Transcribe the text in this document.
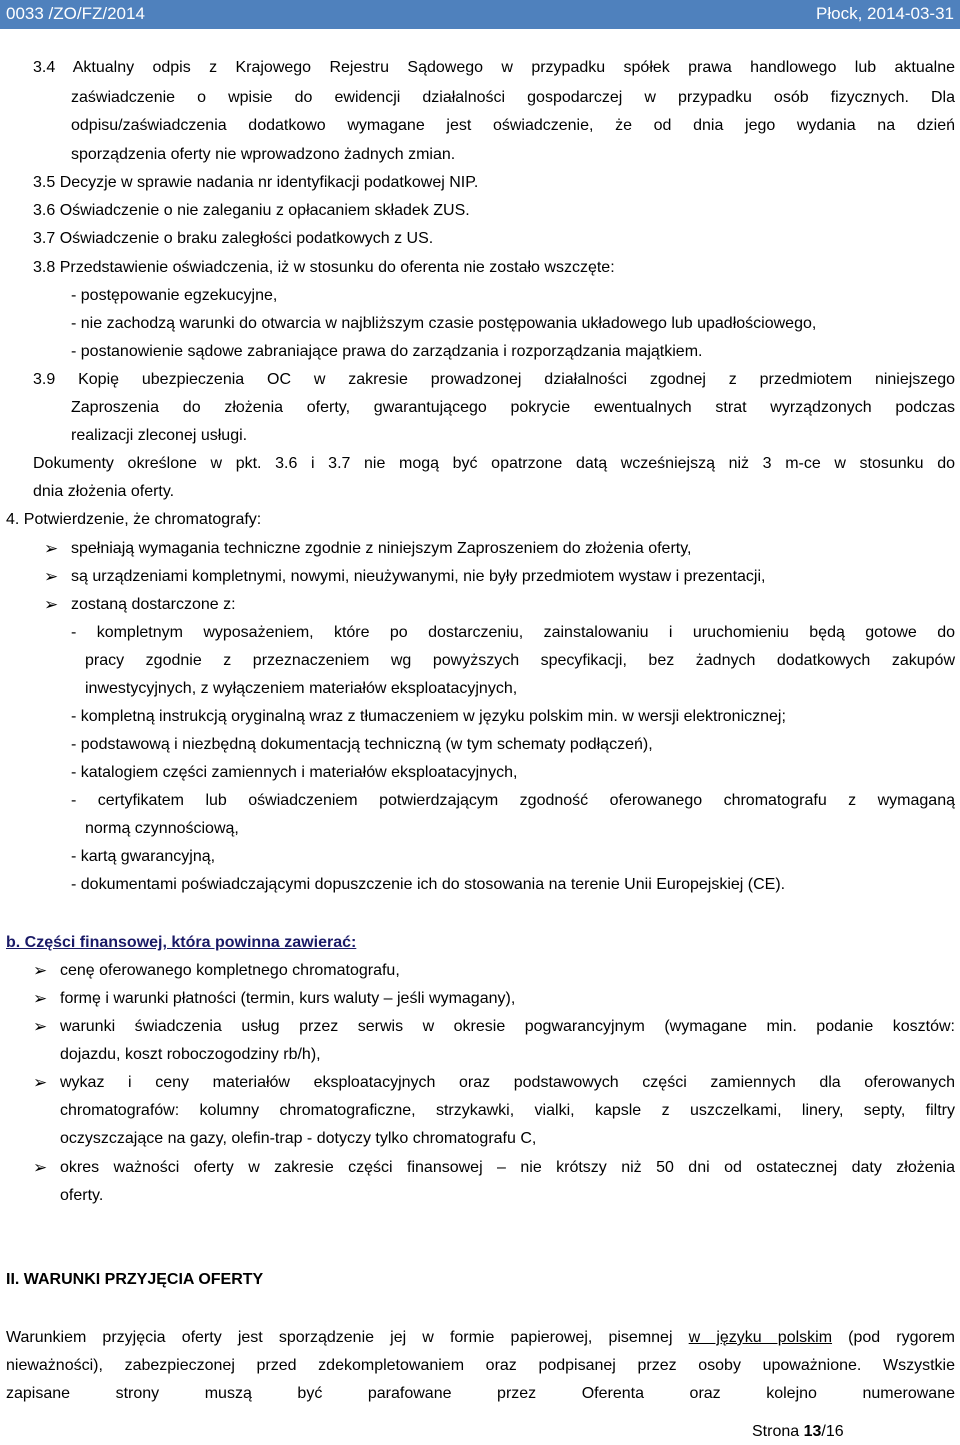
0033 /ZO/FZ/2014	Płock, 2014-03-31
3.4 Aktualny odpis z Krajowego Rejestru Sądowego w przypadku spółek prawa handlowego lub aktualne
zaświadczenie o wpisie do ewidencji działalności gospodarczej w przypadku osób fizycznych. Dla
odpisu/zaświadczenia dodatkowo wymagane jest oświadczenie, że od dnia jego wydania na dzień
sporządzenia oferty nie wprowadzono żadnych zmian.
3.5 Decyzje w sprawie nadania nr identyfikacji podatkowej NIP.
3.6 Oświadczenie o nie zaleganiu z opłacaniem składek ZUS.
3.7 Oświadczenie o braku zaległości podatkowych z US.
3.8 Przedstawienie oświadczenia, iż w stosunku do oferenta nie zostało wszczęte:
- postępowanie egzekucyjne,
- nie zachodzą warunki do otwarcia w najbliższym czasie postępowania układowego lub upadłościowego,
- postanowienie sądowe zabraniające prawa do zarządzania i rozporządzania majątkiem.
3.9 Kopię ubezpieczenia OC w zakresie prowadzonej działalności zgodnej z przedmiotem niniejszego
Zaproszenia do złożenia oferty, gwarantującego pokrycie ewentualnych strat wyrządzonych podczas
realizacji zleconej usługi.
Dokumenty określone w pkt. 3.6 i 3.7 nie mogą być opatrzone datą wcześniejszą niż 3 m-ce w stosunku do
dnia złożenia oferty.
4. Potwierdzenie, że chromatografy:
➢ spełniają wymagania techniczne zgodnie z niniejszym Zaproszeniem do złożenia oferty,
➢ są urządzeniami kompletnymi, nowymi, nieużywanymi, nie były przedmiotem wystaw i prezentacji,
➢ zostaną dostarczone z:
- kompletnym wyposażeniem, które po dostarczeniu, zainstalowaniu i uruchomieniu będą gotowe do
pracy zgodnie z przeznaczeniem wg powyższych specyfikacji, bez żadnych dodatkowych zakupów
inwestycyjnych, z wyłączeniem materiałów eksploatacyjnych,
- kompletną instrukcją oryginalną wraz z tłumaczeniem w języku polskim min. w wersji elektronicznej;
- podstawową i niezbędną dokumentacją techniczną (w tym schematy podłączeń),
- katalogiem części zamiennych i materiałów eksploatacyjnych,
- certyfikatem lub oświadczeniem potwierdzającym zgodność oferowanego chromatografu z wymaganą
normą czynnościową,
- kartą gwarancyjną,
- dokumentami poświadczającymi dopuszczenie ich do stosowania na terenie Unii Europejskiej (CE).
b. Części finansowej, która powinna zawierać:
➢ cenę oferowanego kompletnego chromatografu,
➢ formę i warunki płatności (termin, kurs waluty – jeśli wymagany),
➢ warunki świadczenia usług przez serwis w okresie pogwarancyjnym (wymagane min. podanie kosztów:
dojazdu, koszt roboczogodziny rb/h),
➢ wykaz i ceny materiałów eksploatacyjnych oraz podstawowych części zamiennych dla oferowanych
chromatografów: kolumny chromatograficzne, strzykawki, vialki, kapsle z uszczelkami, linery, septy, filtry
oczyszczające na gazy, olefin-trap - dotyczy tylko chromatografu C,
➢ okres ważności oferty w zakresie części finansowej – nie krótszy niż 50 dni od ostatecznej daty złożenia
oferty.
II. WARUNKI PRZYJĘCIA OFERTY
Warunkiem przyjęcia oferty jest sporządzenie jej w formie papierowej, pisemnej w języku polskim (pod rygorem
nieważności), zabezpieczonej przed zdekompletowaniem oraz podpisanej przez osoby upoważnione. Wszystkie
zapisane strony muszą być parafowane przez Oferenta oraz kolejno numerowane
Strona 13/16
